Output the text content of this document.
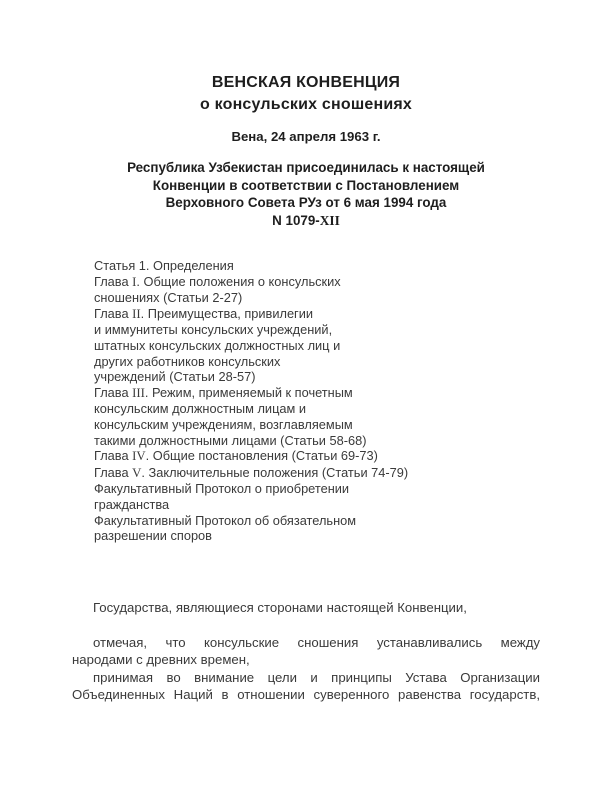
ВЕНСКАЯ КОНВЕНЦИЯ
о консульских сношениях
Вена, 24 апреля 1963 г.
Республика Узбекистан присоединилась к настоящей
Конвенции в соответствии с Постановлением
Верховного Совета РУз от 6 мая 1994 года
N 1079-XII
Статья 1. Определения
Глава I. Общие положения о консульских
сношениях (Статьи 2-27)
Глава II. Преимущества, привилегии
и иммунитеты консульских учреждений,
штатных консульских должностных лиц и
других работников консульских
учреждений (Статьи 28-57)
Глава III. Режим, применяемый к почетным
консульским должностным лицам и
консульским учреждениям, возглавляемым
такими должностными лицами (Статьи 58-68)
Глава IV. Общие постановления (Статьи 69-73)
Глава V. Заключительные положения (Статьи 74-79)
Факультативный Протокол о приобретении
гражданства
Факультативный Протокол об обязательном
разрешении споров
Государства, являющиеся сторонами настоящей Конвенции,
отмечая, что консульские сношения устанавливались между
народами с древних времен,
принимая во внимание цели и принципы Устава Организации
Объединенных Наций в отношении суверенного равенства государств,
